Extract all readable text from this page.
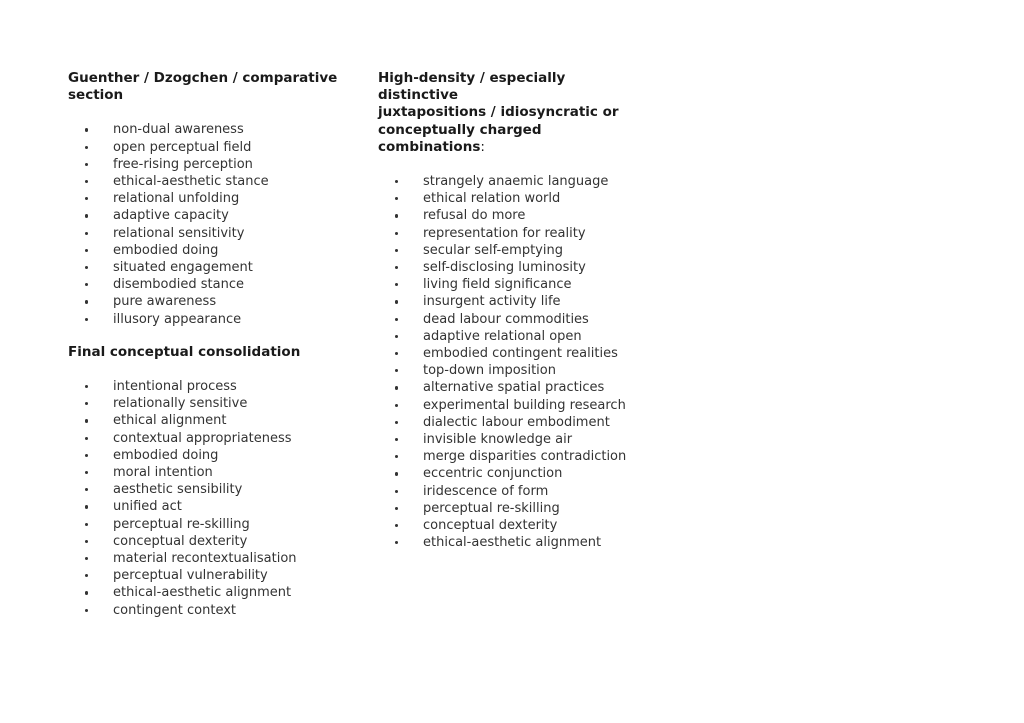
Guenther / Dzogchen / comparative section
non-dual awareness
open perceptual field
free-rising perception
ethical-aesthetic stance
relational unfolding
adaptive capacity
relational sensitivity
embodied doing
situated engagement
disembodied stance
pure awareness
illusory appearance
Final conceptual consolidation
intentional process
relationally sensitive
ethical alignment
contextual appropriateness
embodied doing
moral intention
aesthetic sensibility
unified act
perceptual re-skilling
conceptual dexterity
material recontextualisation
perceptual vulnerability
ethical-aesthetic alignment
contingent context
High-density / especially distinctive
juxtapositions / idiosyncratic or
conceptually charged combinations:
strangely anaemic language
ethical relation world
refusal do more
representation for reality
secular self-emptying
self-disclosing luminosity
living field significance
insurgent activity life
dead labour commodities
adaptive relational open
embodied contingent realities
top-down imposition
alternative spatial practices
experimental building research
dialectic labour embodiment
invisible knowledge air
merge disparities contradiction
eccentric conjunction
iridescence of form
perceptual re-skilling
conceptual dexterity
ethical-aesthetic alignment
